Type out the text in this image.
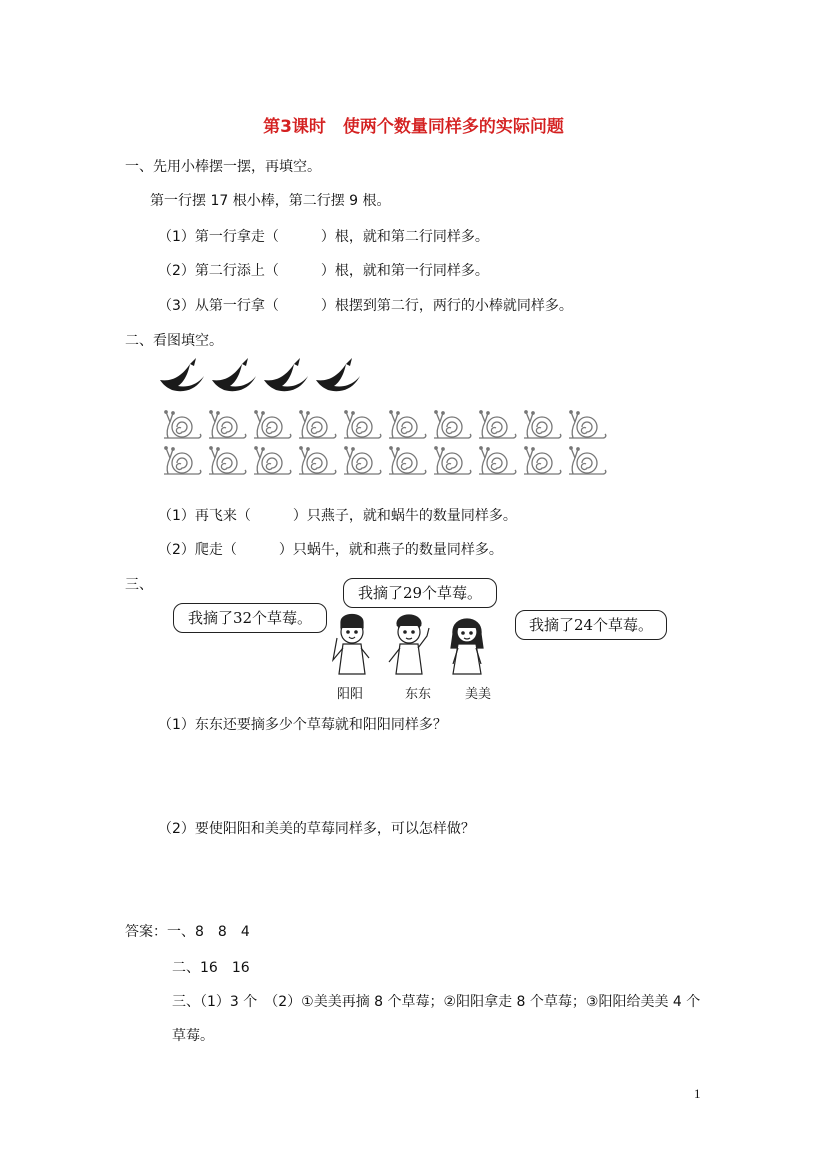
第3课时　使两个数量同样多的实际问题
一、先用小棒摆一摆，再填空。
第一行摆 17 根小棒，第二行摆 9 根。
（1）第一行拿走（　　　）根，就和第二行同样多。
（2）第二行添上（　　　）根，就和第一行同样多。
（3）从第一行拿（　　　）根摆到第二行，两行的小棒就同样多。
二、看图填空。
（1）再飞来（　　　）只燕子，就和蜗牛的数量同样多。
（2）爬走（　　　）只蜗牛，就和燕子的数量同样多。
三、
我摘了32个草莓。
我摘了29个草莓。
我摘了24个草莓。
阳阳	东东	美美
（1）东东还要摘多少个草莓就和阳阳同样多？
（2）要使阳阳和美美的草莓同样多，可以怎样做？
答案：一、8　8　4
二、16　16
三、（1）3 个　（2）①美美再摘 8 个草莓；②阳阳拿走 8 个草莓；③阳阳给美美 4 个
草莓。
1
